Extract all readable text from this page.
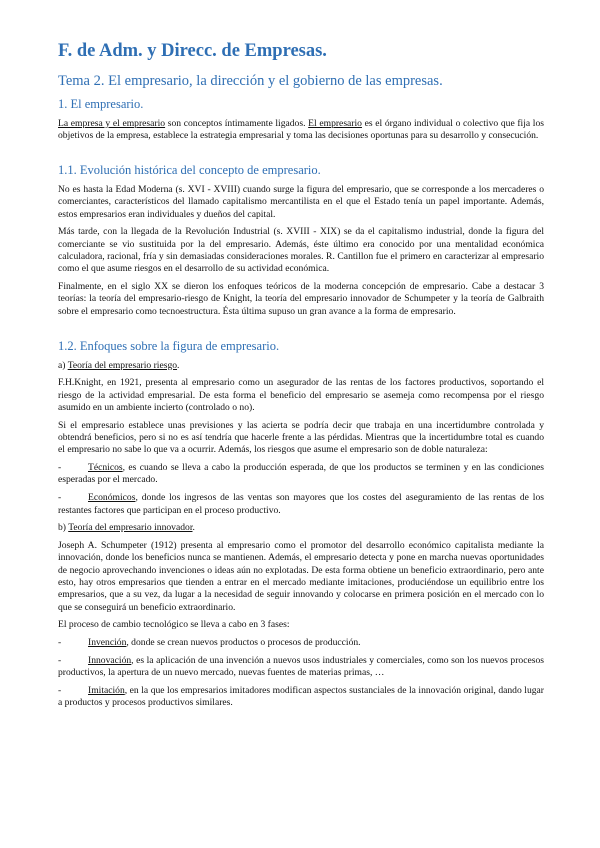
F. de Adm. y Direcc. de Empresas.
Tema 2. El empresario, la dirección y el gobierno de las empresas.
1. El empresario.

La empresa y el empresario son conceptos íntimamente ligados. El empresario es el órgano individual o colectivo que fija los objetivos de la empresa, establece la estrategia empresarial y toma las decisiones oportunas para su desarrollo y consecución.

1.1. Evolución histórica del concepto de empresario.

No es hasta la Edad Moderna (s. XVI - XVIII) cuando surge la figura del empresario, que se corresponde a los mercaderes o comerciantes, característicos del llamado capitalismo mercantilista en el que el Estado tenía un papel importante. Además, estos empresarios eran individuales y dueños del capital.

Más tarde, con la llegada de la Revolución Industrial (s. XVIII - XIX) se da el capitalismo industrial, donde la figura del comerciante se vio sustituida por la del empresario. Además, éste último era conocido por una mentalidad económica calculadora, racional, fría y sin demasiadas consideraciones morales. R. Cantillon fue el primero en caracterizar al empresario como el que asume riesgos en el desarrollo de su actividad económica.

Finalmente, en el siglo XX se dieron los enfoques teóricos de la moderna concepción de empresario. Cabe a destacar 3 teorías: la teoría del empresario-riesgo de Knight, la teoría del empresario innovador de Schumpeter y la teoría de Galbraith sobre el empresario como tecnoestructura. Ésta última supuso un gran avance a la forma de empresario.

1.2. Enfoques sobre la figura de empresario.

a) Teoría del empresario riesgo.

F.H.Knight, en 1921, presenta al empresario como un asegurador de las rentas de los factores productivos, soportando el riesgo de la actividad empresarial. De esta forma el beneficio del empresario se asemeja como recompensa por el riesgo asumido en un ambiente incierto (controlado o no).

Si el empresario establece unas previsiones y las acierta se podría decir que trabaja en una incertidumbre controlada y obtendrá beneficios, pero si no es así tendría que hacerle frente a las pérdidas. Mientras que la incertidumbre total es cuando el empresario no sabe lo que va a ocurrir. Además, los riesgos que asume el empresario son de doble naturaleza:

-	Técnicos, es cuando se lleva a cabo la producción esperada, de que los productos se terminen y en las condiciones esperadas por el mercado.

-	Económicos, donde los ingresos de las ventas son mayores que los costes del aseguramiento de las rentas de los restantes factores que participan en el proceso productivo.

b) Teoría del empresario innovador.

Joseph A. Schumpeter (1912) presenta al empresario como el promotor del desarrollo económico capitalista mediante la innovación, donde los beneficios nunca se mantienen. Además, el empresario detecta y pone en marcha nuevas oportunidades de negocio aprovechando invenciones o ideas aún no explotadas. De esta forma obtiene un beneficio extraordinario, pero ante esto, hay otros empresarios que tienden a entrar en el mercado mediante imitaciones, produciéndose un equilibrio entre los empresarios, que a su vez, da lugar a la necesidad de seguir innovando y colocarse en primera posición en el mercado con lo que se conseguirá un beneficio extraordinario.

El proceso de cambio tecnológico se lleva a cabo en 3 fases:

-	Invención, donde se crean nuevos productos o procesos de producción.

-	Innovación, es la aplicación de una invención a nuevos usos industriales y comerciales, como son los nuevos procesos productivos, la apertura de un nuevo mercado, nuevas fuentes de materias primas, …

-	Imitación, en la que los empresarios imitadores modifican aspectos sustanciales de la innovación original, dando lugar a productos y procesos productivos similares.
